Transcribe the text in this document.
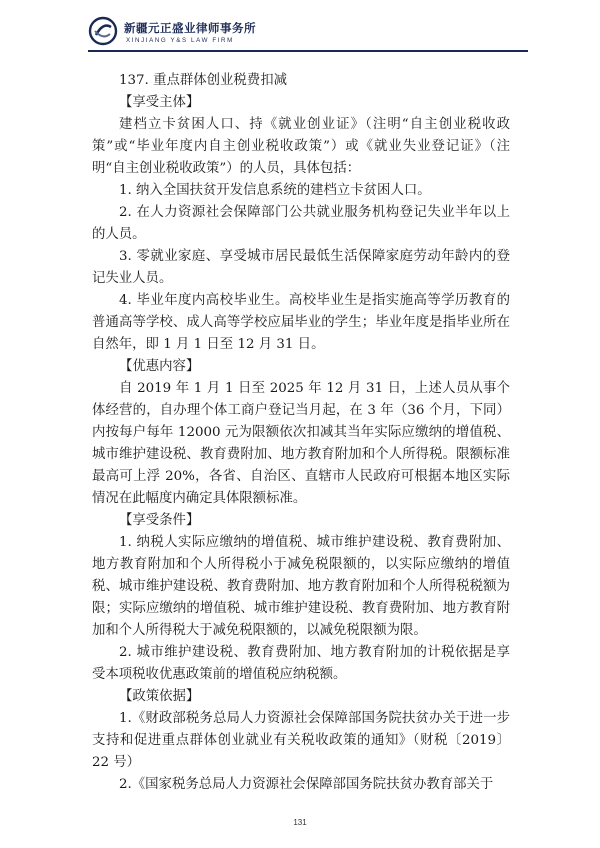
新疆元正盛业律师事务所
XINJIANG Y&S LAW FIRM

137. 重点群体创业税费扣减

【享受主体】

建档立卡贫困人口、持《就业创业证》（注明“自主创业税收政策”或“毕业年度内自主创业税收政策”）或《就业失业登记证》（注明“自主创业税收政策”）的人员，具体包括：

1. 纳入全国扶贫开发信息系统的建档立卡贫困人口。

2. 在人力资源社会保障部门公共就业服务机构登记失业半年以上的人员。

3. 零就业家庭、享受城市居民最低生活保障家庭劳动年龄内的登记失业人员。

4. 毕业年度内高校毕业生。高校毕业生是指实施高等学历教育的普通高等学校、成人高等学校应届毕业的学生；毕业年度是指毕业所在自然年，即 1 月 1 日至 12 月 31 日。

【优惠内容】

自 2019 年 1 月 1 日至 2025 年 12 月 31 日，上述人员从事个体经营的，自办理个体工商户登记当月起，在 3 年（36 个月，下同）内按每户每年 12000 元为限额依次扣减其当年实际应缴纳的增值税、城市维护建设税、教育费附加、地方教育附加和个人所得税。限额标准最高可上浮 20%，各省、自治区、直辖市人民政府可根据本地区实际情况在此幅度内确定具体限额标准。

【享受条件】

1. 纳税人实际应缴纳的增值税、城市维护建设税、教育费附加、地方教育附加和个人所得税小于减免税限额的，以实际应缴纳的增值税、城市维护建设税、教育费附加、地方教育附加和个人所得税税额为限；实际应缴纳的增值税、城市维护建设税、教育费附加、地方教育附加和个人所得税大于减免税限额的，以减免税限额为限。

2. 城市维护建设税、教育费附加、地方教育附加的计税依据是享受本项税收优惠政策前的增值税应纳税额。

【政策依据】

1.《财政部税务总局人力资源社会保障部国务院扶贫办关于进一步支持和促进重点群体创业就业有关税收政策的通知》（财税〔2019〕22 号）

2.《国家税务总局人力资源社会保障部国务院扶贫办教育部关于

131
